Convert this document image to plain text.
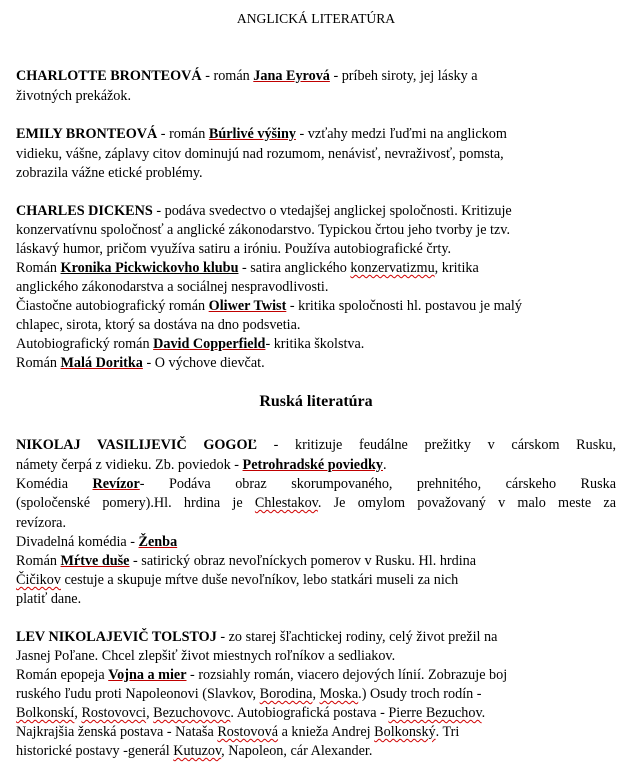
ANGLICKÁ LITERATÚRA
CHARLOTTE BRONTEOVÁ - román Jana Eyrová - príbeh siroty, jej lásky a
životných prekážok.
EMILY BRONTEOVÁ - román Búrlivé výšiny - vzťahy medzi ľuďmi na anglickom
vidieku, vášne, záplavy citov dominujú nad rozumom, nenávisť, nevraživosť, pomsta,
zobrazila vážne etické problémy.
CHARLES DICKENS - podáva svedectvo o vtedajšej anglickej spoločnosti. Kritizuje
konzervatívnu spoločnosť a anglické zákonodarstvo. Typickou črtou jeho tvorby je tzv.
láskavý humor, pričom využíva satiru a iróniu. Používa autobiografické črty.
Román Kronika Pickwickovho klubu - satira anglického konzervatizmu, kritika
anglického zákonodarstva a sociálnej nespravodlivosti.
Čiastočne autobiografický román Oliwer Twist - kritika spoločnosti hl. postavou je malý
chlapec, sirota, ktorý sa dostáva na dno podsvetia.
Autobiografický román David Copperfield- kritika školstva.
Román Malá Doritka - O výchove dievčat.
Ruská literatúra
NIKOLAJ VASILIJEVIČ GOGOĽ - kritizuje feudálne prežitky v cárskom Rusku,
námety čerpá z vidieku. Zb. poviedok - Petrohradské poviedky.
Komédia Revízor- Podáva obraz skorumpovaného, prehnitého, cárskeho Ruska
(spoločenské pomery).Hl. hrdina je Chlestakov. Je omylom považovaný v malo meste za
revízora.
Divadelná komédia - Ženba
Román Mŕtve duše - satirický obraz nevoľníckych pomerov v Rusku. Hl. hrdina
Čičikov cestuje a skupuje mŕtve duše nevoľníkov, lebo statkári museli za nich
platiť dane.
LEV NIKOLAJEVIČ TOLSTOJ - zo starej šľachtickej rodiny, celý život prežil na
Jasnej Poľane. Chcel zlepšiť život miestnych roľníkov a sedliakov.
Román epopeja Vojna a mier - rozsiahly román, viacero dejových línií. Zobrazuje boj
ruského ľudu proti Napoleonovi (Slavkov, Borodina, Moska.) Osudy troch rodín -
Bolkonskí, Rostovovci, Bezuchovovc. Autobiografická postava - Pierre Bezuchov.
Najkrajšia ženská postava - Nataša Rostovová a knieža Andrej Bolkonský. Tri
historické postavy -generál Kutuzov, Napoleon, cár Alexander.
